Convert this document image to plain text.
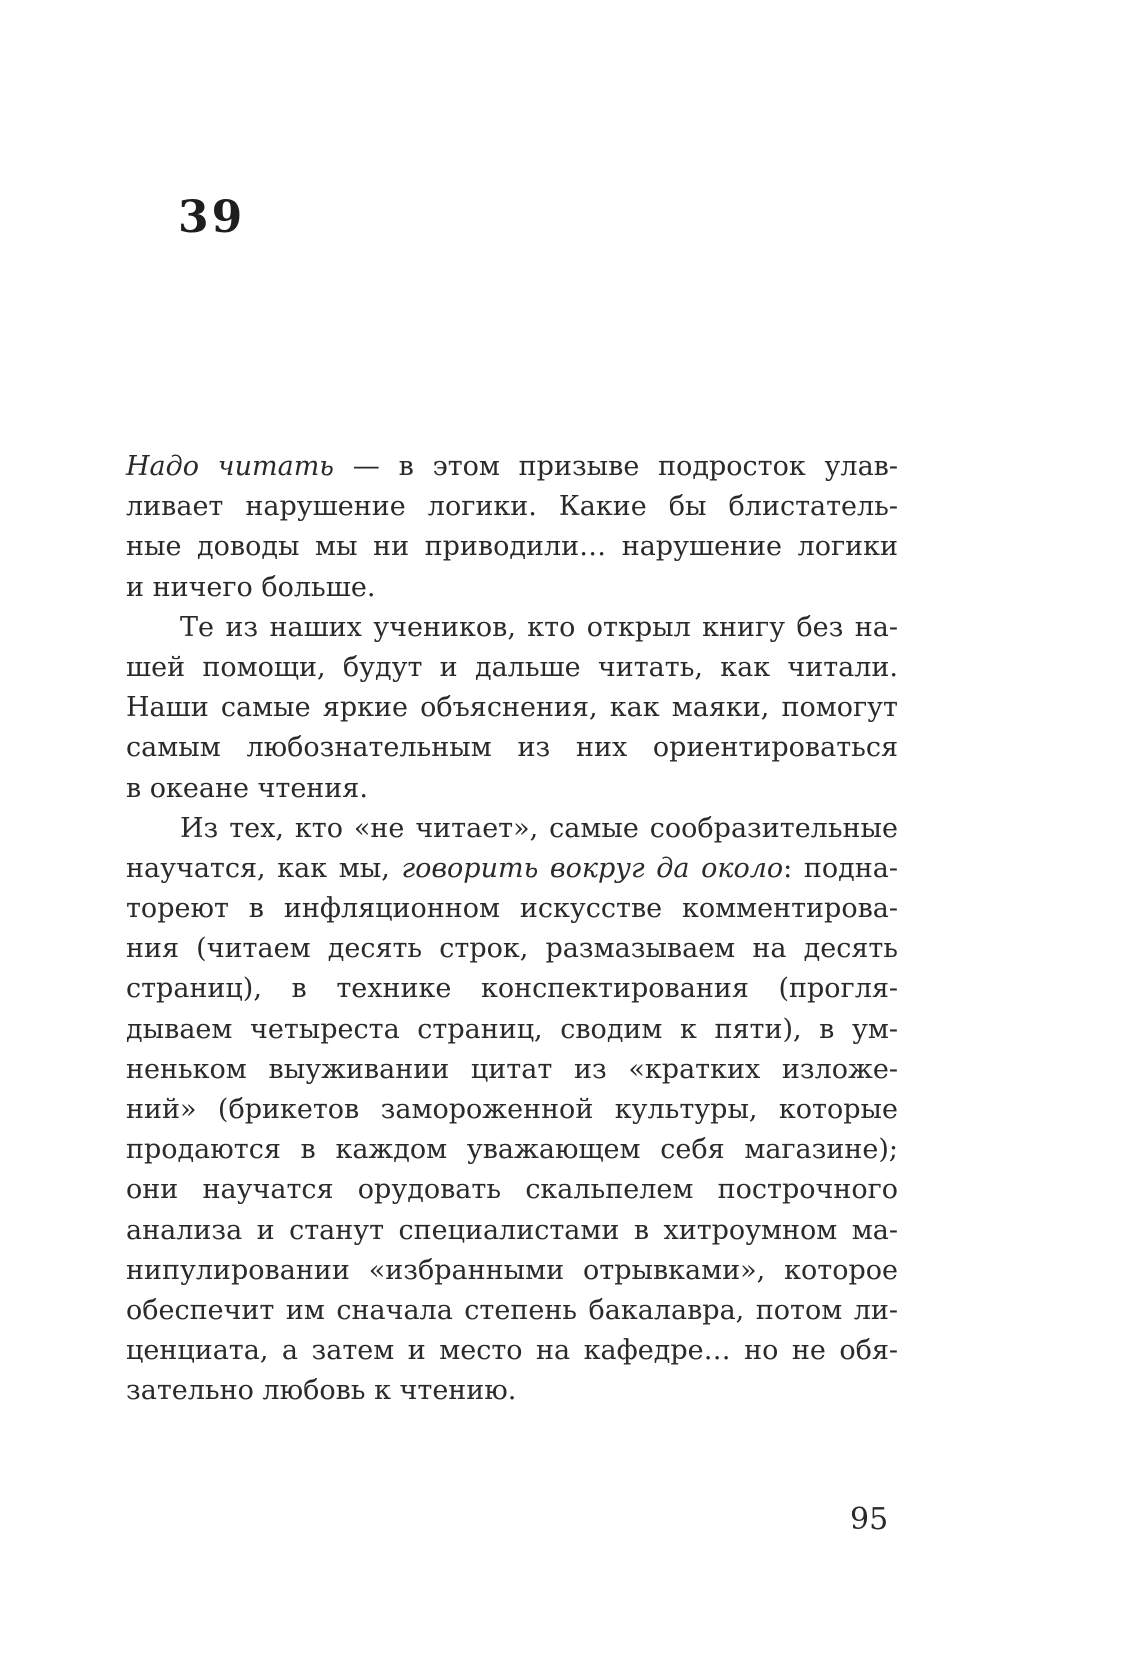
39
Надо читать — в этом призыве подросток улав-
ливает нарушение логики. Какие бы блистатель-
ные доводы мы ни приводили… нарушение логики
и ничего больше.
Те из наших учеников, кто открыл книгу без на-
шей помощи, будут и дальше читать, как читали.
Наши самые яркие объяснения, как маяки, помогут
самым любознательным из них ориентироваться
в океане чтения.
Из тех, кто «не читает», самые сообразительные
научатся, как мы, говорить вокруг да около: подна-
тореют в инфляционном искусстве комментирова-
ния (читаем десять строк, размазываем на десять
страниц), в технике конспектирования (прогля-
дываем четыреста страниц, сводим к пяти), в ум-
неньком выуживании цитат из «кратких изложе-
ний» (брикетов замороженной культуры, которые
продаются в каждом уважающем себя магазине);
они научатся орудовать скальпелем построчного
анализа и станут специалистами в хитроумном ма-
нипулировании «избранными отрывками», которое
обеспечит им сначала степень бакалавра, потом ли-
ценциата, а затем и место на кафедре… но не обя-
зательно любовь к чтению.
95
